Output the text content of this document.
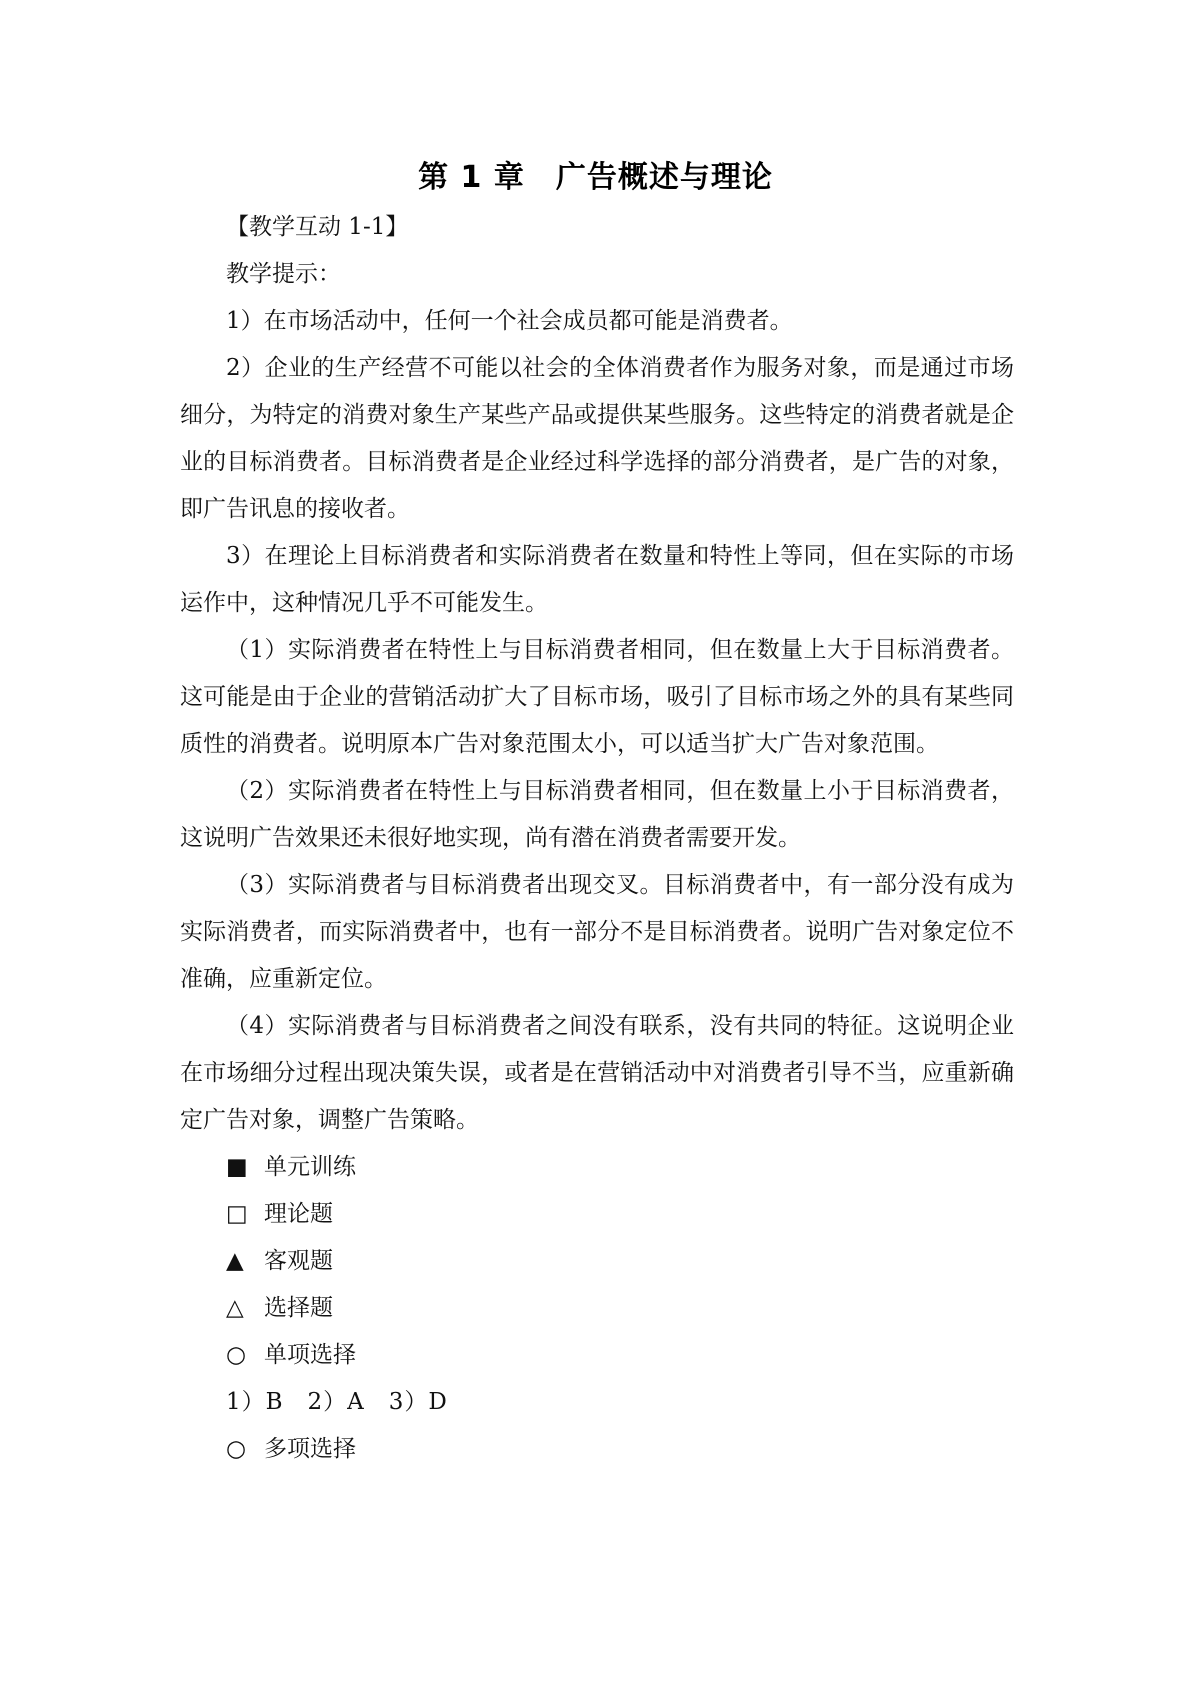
第 1 章　广告概述与理论

【教学互动 1-1】

教学提示：

1）在市场活动中，任何一个社会成员都可能是消费者。

2）企业的生产经营不可能以社会的全体消费者作为服务对象，而是通过市场细分，为特定的消费对象生产某些产品或提供某些服务。这些特定的消费者就是企业的目标消费者。目标消费者是企业经过科学选择的部分消费者，是广告的对象，即广告讯息的接收者。

3）在理论上目标消费者和实际消费者在数量和特性上等同，但在实际的市场运作中，这种情况几乎不可能发生。

（1）实际消费者在特性上与目标消费者相同，但在数量上大于目标消费者。这可能是由于企业的营销活动扩大了目标市场，吸引了目标市场之外的具有某些同质性的消费者。说明原本广告对象范围太小，可以适当扩大广告对象范围。

（2）实际消费者在特性上与目标消费者相同，但在数量上小于目标消费者，这说明广告效果还未很好地实现，尚有潜在消费者需要开发。

（3）实际消费者与目标消费者出现交叉。目标消费者中，有一部分没有成为实际消费者，而实际消费者中，也有一部分不是目标消费者。说明广告对象定位不准确，应重新定位。

（4）实际消费者与目标消费者之间没有联系，没有共同的特征。这说明企业在市场细分过程出现决策失误，或者是在营销活动中对消费者引导不当，应重新确定广告对象，调整广告策略。

■ 单元训练

□ 理论题

▲ 客观题

△ 选择题

○ 单项选择

1）B　2）A　3）D

○ 多项选择
